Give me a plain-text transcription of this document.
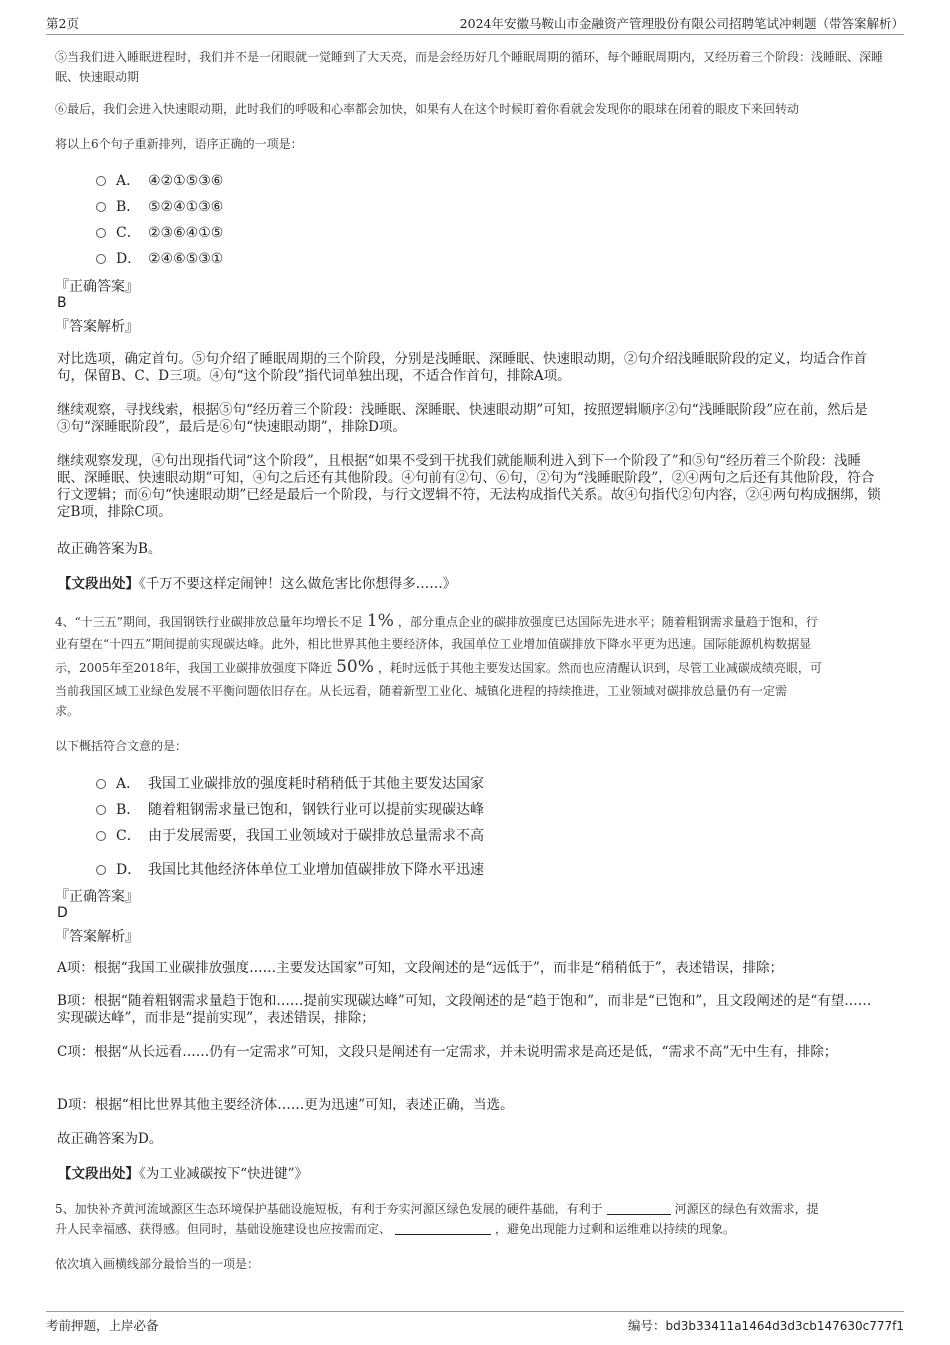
第2页	2024年安徽马鞍山市金融资产管理股份有限公司招聘笔试冲刺题（带答案解析）
⑤当我们进入睡眠进程时，我们并不是一闭眼就一觉睡到了大天亮，而是会经历好几个睡眠周期的循环，每个睡眠周期内，又经历着三个阶段：浅睡眠、深睡眠、快速眼动期
⑥最后，我们会进入快速眼动期，此时我们的呼吸和心率都会加快，如果有人在这个时候盯着你看就会发现你的眼球在闭着的眼皮下来回转动
将以上6个句子重新排列，语序正确的一项是：
A． ④②①⑤③⑥
B． ⑤②④①③⑥
C． ②③⑥④①⑤
D． ②④⑥⑤③①
『正确答案』
B
『答案解析』
对比选项，确定首句。⑤句介绍了睡眠周期的三个阶段，分别是浅睡眠、深睡眠、快速眼动期，②句介绍浅睡眠阶段的定义，均适合作首句，保留B、C、D三项。④句“这个阶段”指代词单独出现，不适合作首句，排除A项。
继续观察，寻找线索，根据⑤句“经历着三个阶段：浅睡眠、深睡眠、快速眼动期”可知，按照逻辑顺序②句“浅睡眠阶段”应在前，然后是③句“深睡眠阶段”，最后是⑥句“快速眼动期”，排除D项。
继续观察发现，④句出现指代词“这个阶段”，且根据“如果不受到干扰我们就能顺利进入到下一个阶段了”和⑤句“经历着三个阶段：浅睡眠、深睡眠、快速眼动期”可知，④句之后还有其他阶段。④句前有②句、⑥句，②句为“浅睡眠阶段”，②④两句之后还有其他阶段，符合行文逻辑；而⑥句“快速眼动期”已经是最后一个阶段，与行文逻辑不符，无法构成指代关系。故④句指代②句内容，②④两句构成捆绑，锁定B项，排除C项。
故正确答案为B。
【文段出处】《千万不要这样定闹钟！这么做危害比你想得多……》
4、“十三五”期间，我国钢铁行业碳排放总量年均增长不足 1% ，部分重点企业的碳排放强度已达国际先进水平；随着粗钢需求量趋于饱和，行
业有望在“十四五”期间提前实现碳达峰。此外，相比世界其他主要经济体，我国单位工业增加值碳排放下降水平更为迅速。国际能源机构数据显
示，2005年至2018年，我国工业碳排放强度下降近 50% ，耗时远低于其他主要发达国家。然而也应清醒认识到，尽管工业减碳成绩亮眼，可
当前我国区域工业绿色发展不平衡问题依旧存在。从长远看，随着新型工业化、城镇化进程的持续推进，工业领域对碳排放总量仍有一定需
求。
以下概括符合文意的是：
A． 我国工业碳排放的强度耗时稍稍低于其他主要发达国家
B． 随着粗钢需求量已饱和，钢铁行业可以提前实现碳达峰
C． 由于发展需要，我国工业领域对于碳排放总量需求不高
D． 我国比其他经济体单位工业增加值碳排放下降水平迅速
『正确答案』
D
『答案解析』
A项：根据“我国工业碳排放强度……主要发达国家”可知，文段阐述的是“远低于”，而非是“稍稍低于”，表述错误，排除；
B项：根据“随着粗钢需求量趋于饱和……提前实现碳达峰”可知，文段阐述的是“趋于饱和”，而非是“已饱和”，且文段阐述的是“有望……实现碳达峰”，而非是“提前实现”，表述错误，排除；
C项：根据“从长远看……仍有一定需求”可知，文段只是阐述有一定需求，并未说明需求是高还是低，“需求不高”无中生有，排除；
D项：根据“相比世界其他主要经济体……更为迅速”可知，表述正确，当选。
故正确答案为D。
【文段出处】《为工业减碳按下“快进键”》
5、加快补齐黄河流域源区生态环境保护基础设施短板，有利于夯实河源区绿色发展的硬件基础，有利于	河源区的绿色有效需求，提
升人民幸福感、获得感。但同时，基础设施建设也应按需而定、	，避免出现能力过剩和运维难以持续的现象。
依次填入画横线部分最恰当的一项是：
考前押题，上岸必备	编号：bd3b33411a1464d3d3cb147630c777f1
